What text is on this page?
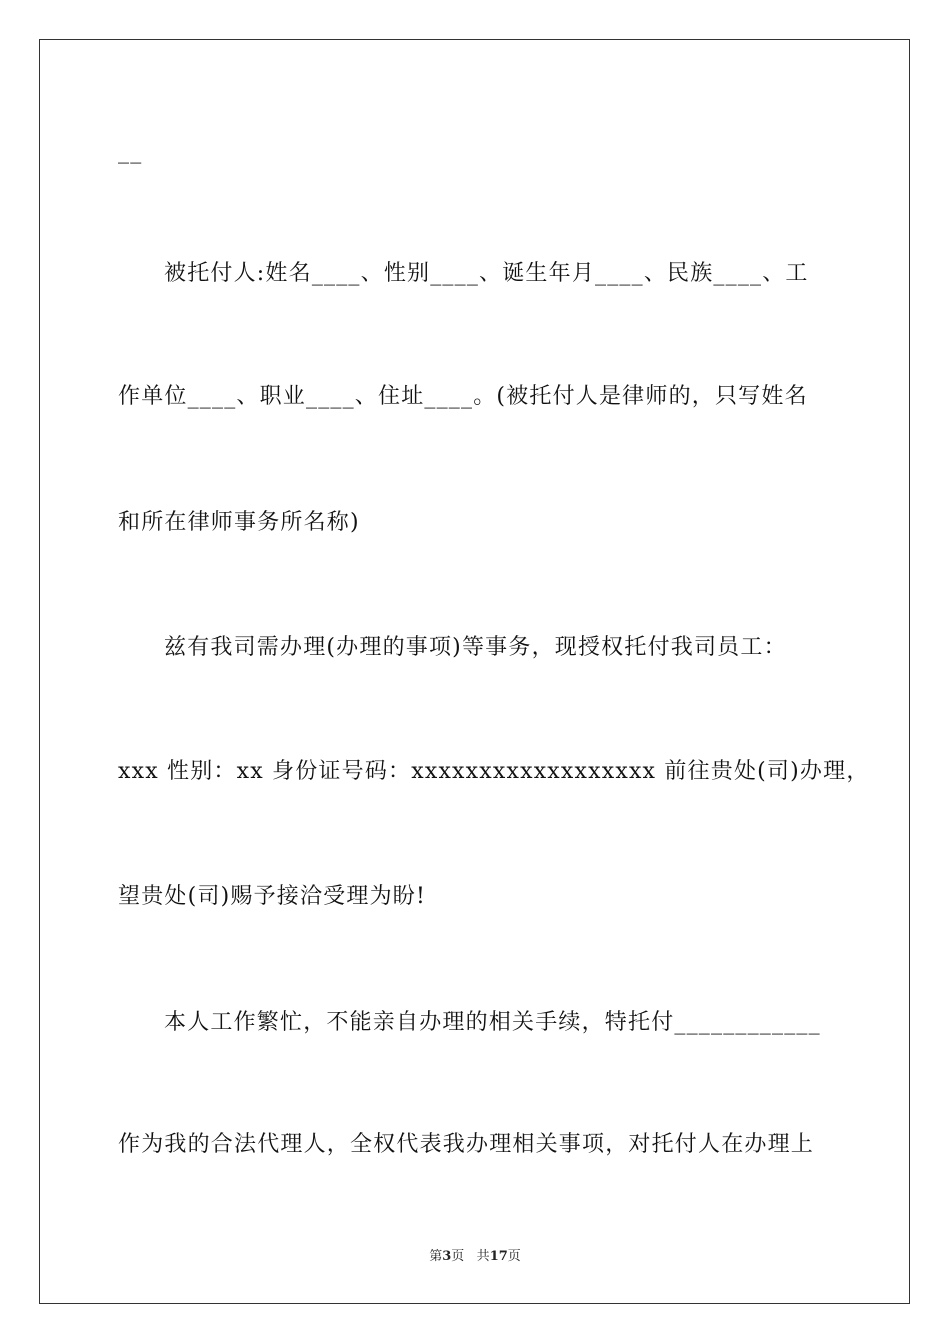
__
被托付人:姓名____、性别____、诞生年月____、民族____、工
作单位____、职业____、住址____。(被托付人是律师的，只写姓名
和所在律师事务所名称)
兹有我司需办理(办理的事项)等事务，现授权托付我司员工：
xxx 性别：xx 身份证号码：xxxxxxxxxxxxxxxxxx 前往贵处(司)办理，
望贵处(司)赐予接洽受理为盼!
本人工作繁忙，不能亲自办理的相关手续，特托付____________
作为我的合法代理人，全权代表我办理相关事项，对托付人在办理上
第3页 共17页
